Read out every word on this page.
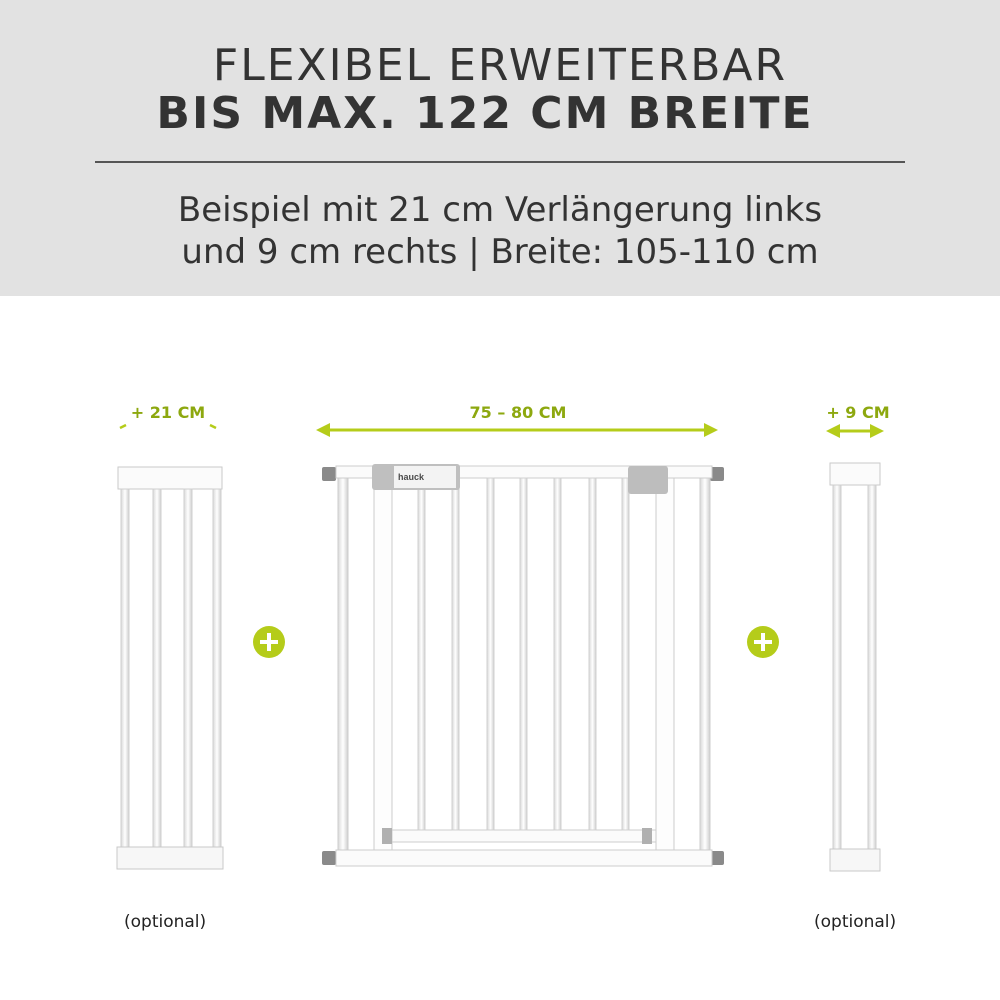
FLEXIBEL ERWEITERBAR
BIS MAX. 122 CM BREITE
Beispiel mit 21 cm Verlängerung links
und 9 cm rechts | Breite: 105-110 cm
+ 21 CM	75 – 80 CM	+ 9 CM
hauck
(optional)	(optional)
